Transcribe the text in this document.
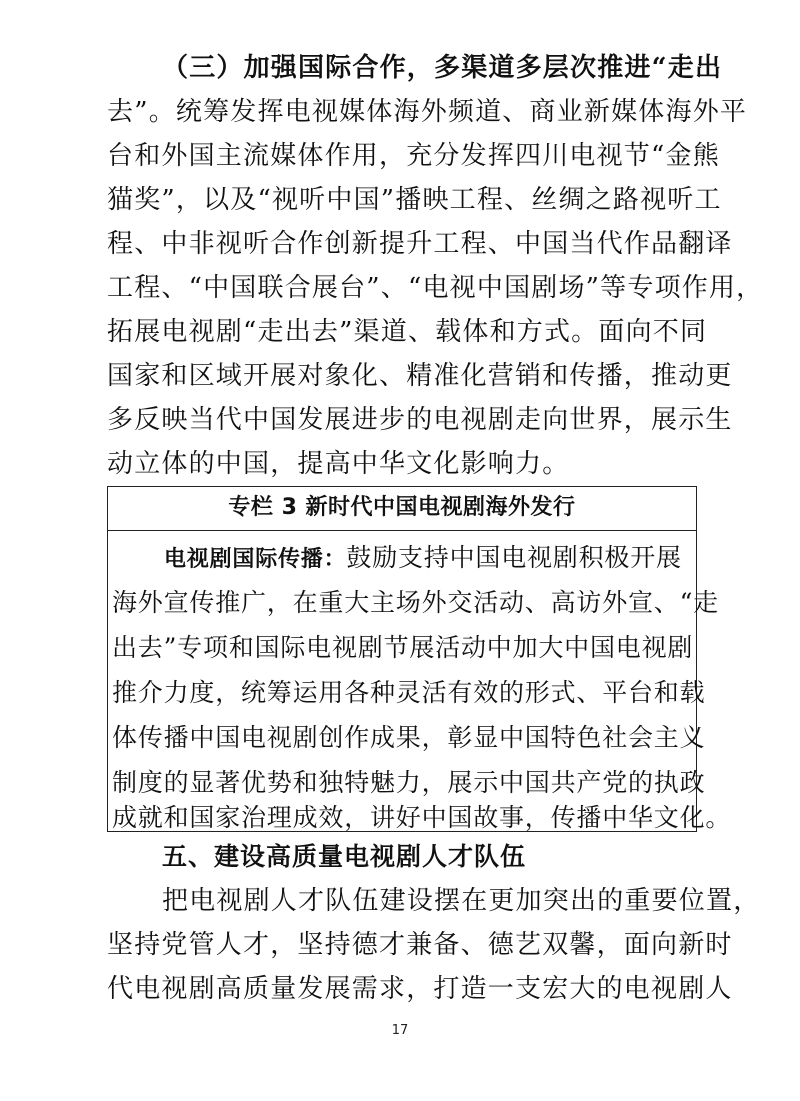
（三）加强国际合作，多渠道多层次推进“走出
去”。统筹发挥电视媒体海外频道、商业新媒体海外平
台和外国主流媒体作用，充分发挥四川电视节“金熊
猫奖”，以及“视听中国”播映工程、丝绸之路视听工
程、中非视听合作创新提升工程、中国当代作品翻译
工程、“中国联合展台”、“电视中国剧场”等专项作用，
拓展电视剧“走出去”渠道、载体和方式。面向不同
国家和区域开展对象化、精准化营销和传播，推动更
多反映当代中国发展进步的电视剧走向世界，展示生
动立体的中国，提高中华文化影响力。
专栏 3 新时代中国电视剧海外发行
电视剧国际传播：鼓励支持中国电视剧积极开展
海外宣传推广，在重大主场外交活动、高访外宣、“走
出去”专项和国际电视剧节展活动中加大中国电视剧
推介力度，统筹运用各种灵活有效的形式、平台和载
体传播中国电视剧创作成果，彰显中国特色社会主义
制度的显著优势和独特魅力，展示中国共产党的执政
成就和国家治理成效，讲好中国故事，传播中华文化。
五、建设高质量电视剧人才队伍
把电视剧人才队伍建设摆在更加突出的重要位置，
坚持党管人才，坚持德才兼备、德艺双馨，面向新时
代电视剧高质量发展需求，打造一支宏大的电视剧人
17
